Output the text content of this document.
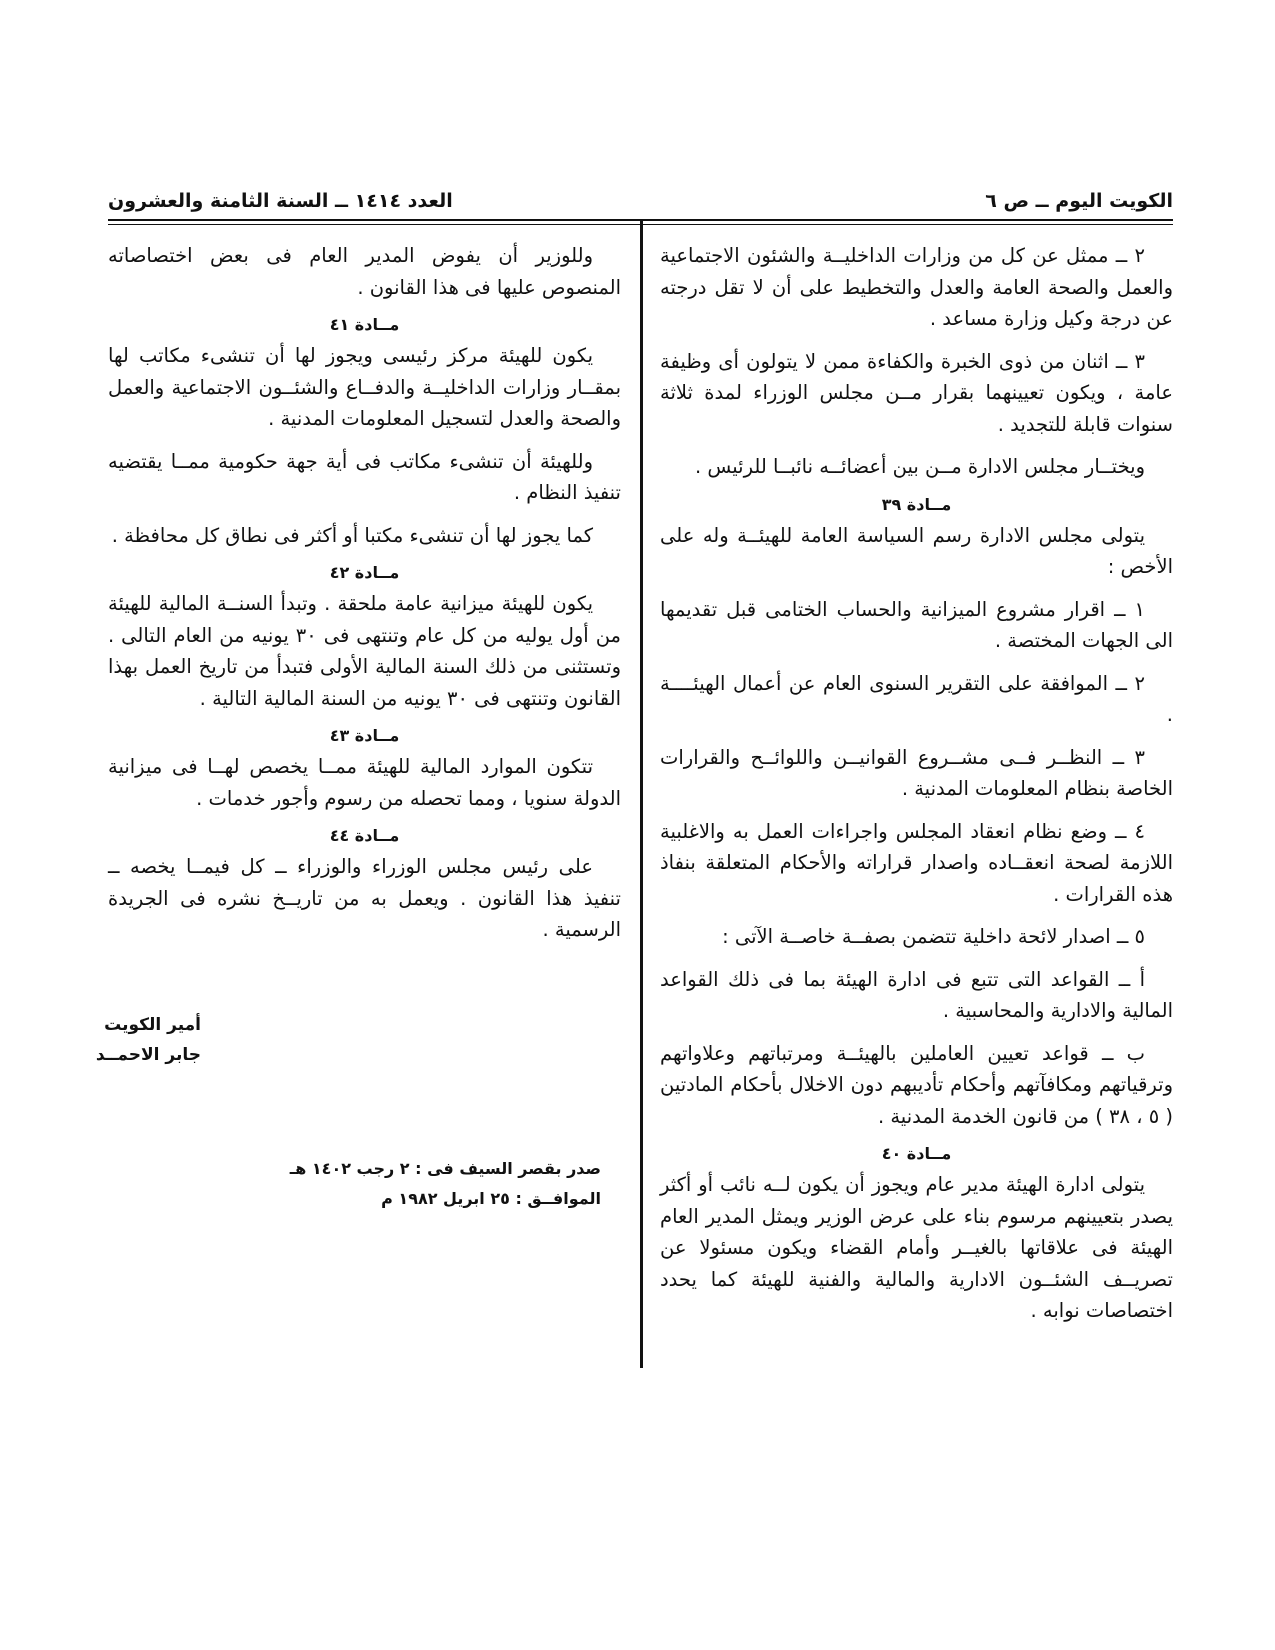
الكويت اليوم ــ ص ٦
العدد ١٤١٤ ــ السنة الثامنة والعشرون

٢ ــ ممثل عن كل من وزارات الداخليــة والشئون الاجتماعية والعمل والصحة العامة والعدل والتخطيط على أن لا تقل درجته عن درجة وكيل وزارة مساعد .

٣ ــ اثنان من ذوى الخبرة والكفاءة ممن لا يتولون أى وظيفة عامة ، ويكون تعيينهما بقرار مــن مجلس الوزراء لمدة ثلاثة سنوات قابلة للتجديد .

ويختــار مجلس الادارة مــن بين أعضائــه نائبــا للرئيس .

مــادة ٣٩

يتولى مجلس الادارة رسم السياسة العامة للهيئــة وله على الأخص :

١ ــ اقرار مشروع الميزانية والحساب الختامى قبل تقديمها الى الجهات المختصة .

٢ ــ الموافقة على التقرير السنوى العام عن أعمال الهيئــــة .

٣ ــ النظــر فــى مشــروع القوانيــن واللوائــح والقرارات الخاصة بنظام المعلومات المدنية .

٤ ــ وضع نظام انعقاد المجلس واجراءات العمل به والاغلبية اللازمة لصحة انعقــاده واصدار قراراته والأحكام المتعلقة بنفاذ هذه القرارات .

٥ ــ اصدار لائحة داخلية تتضمن بصفــة خاصــة الآتى :

أ ــ القواعد التى تتبع فى ادارة الهيئة بما فى ذلك القواعد المالية والادارية والمحاسبية .

ب ــ قواعد تعيين العاملين بالهيئــة ومرتباتهم وعلاواتهم وترقياتهم ومكافآتهم وأحكام تأديبهم دون الاخلال بأحكام المادتين ( ٥ ، ٣٨ ) من قانون الخدمة المدنية .

مــادة ٤٠

يتولى ادارة الهيئة مدير عام ويجوز أن يكون لــه نائب أو أكثر يصدر بتعيينهم مرسوم بناء على عرض الوزير ويمثل المدير العام الهيئة فى علاقاتها بالغيــر وأمام القضاء ويكون مسئولا عن تصريــف الشئــون الادارية والمالية والفنية للهيئة كما يحدد اختصاصات نوابه .

وللوزير أن يفوض المدير العام فى بعض اختصاصاته المنصوص عليها فى هذا القانون .

مــادة ٤١

يكون للهيئة مركز رئيسى ويجوز لها أن تنشىء مكاتب لها بمقــار وزارات الداخليــة والدفــاع والشئــون الاجتماعية والعمل والصحة والعدل لتسجيل المعلومات المدنية .

وللهيئة أن تنشىء مكاتب فى أية جهة حكومية ممــا يقتضيه تنفيذ النظام .

كما يجوز لها أن تنشىء مكتبا أو أكثر فى نطاق كل محافظة .

مــادة ٤٢

يكون للهيئة ميزانية عامة ملحقة . وتبدأ السنــة المالية للهيئة من أول يوليه من كل عام وتنتهى فى ٣٠ يونيه من العام التالى . وتستثنى من ذلك السنة المالية الأولى فتبدأ من تاريخ العمل بهذا القانون وتنتهى فى ٣٠ يونيه من السنة المالية التالية .

مــادة ٤٣

تتكون الموارد المالية للهيئة ممــا يخصص لهــا فى ميزانية الدولة سنويا ، ومما تحصله من رسوم وأجور خدمات .

مــادة ٤٤

على رئيس مجلس الوزراء والوزراء ــ كل فيمــا يخصه ــ تنفيذ هذا القانون . ويعمل به من تاريــخ نشره فى الجريدة الرسمية .

أمير الكويت
جابر الاحمــد
صدر بقصر السيف فى : ٢ رجب ١٤٠٢ هـ
الموافــق : ٢٥ ابريل ١٩٨٢ م
